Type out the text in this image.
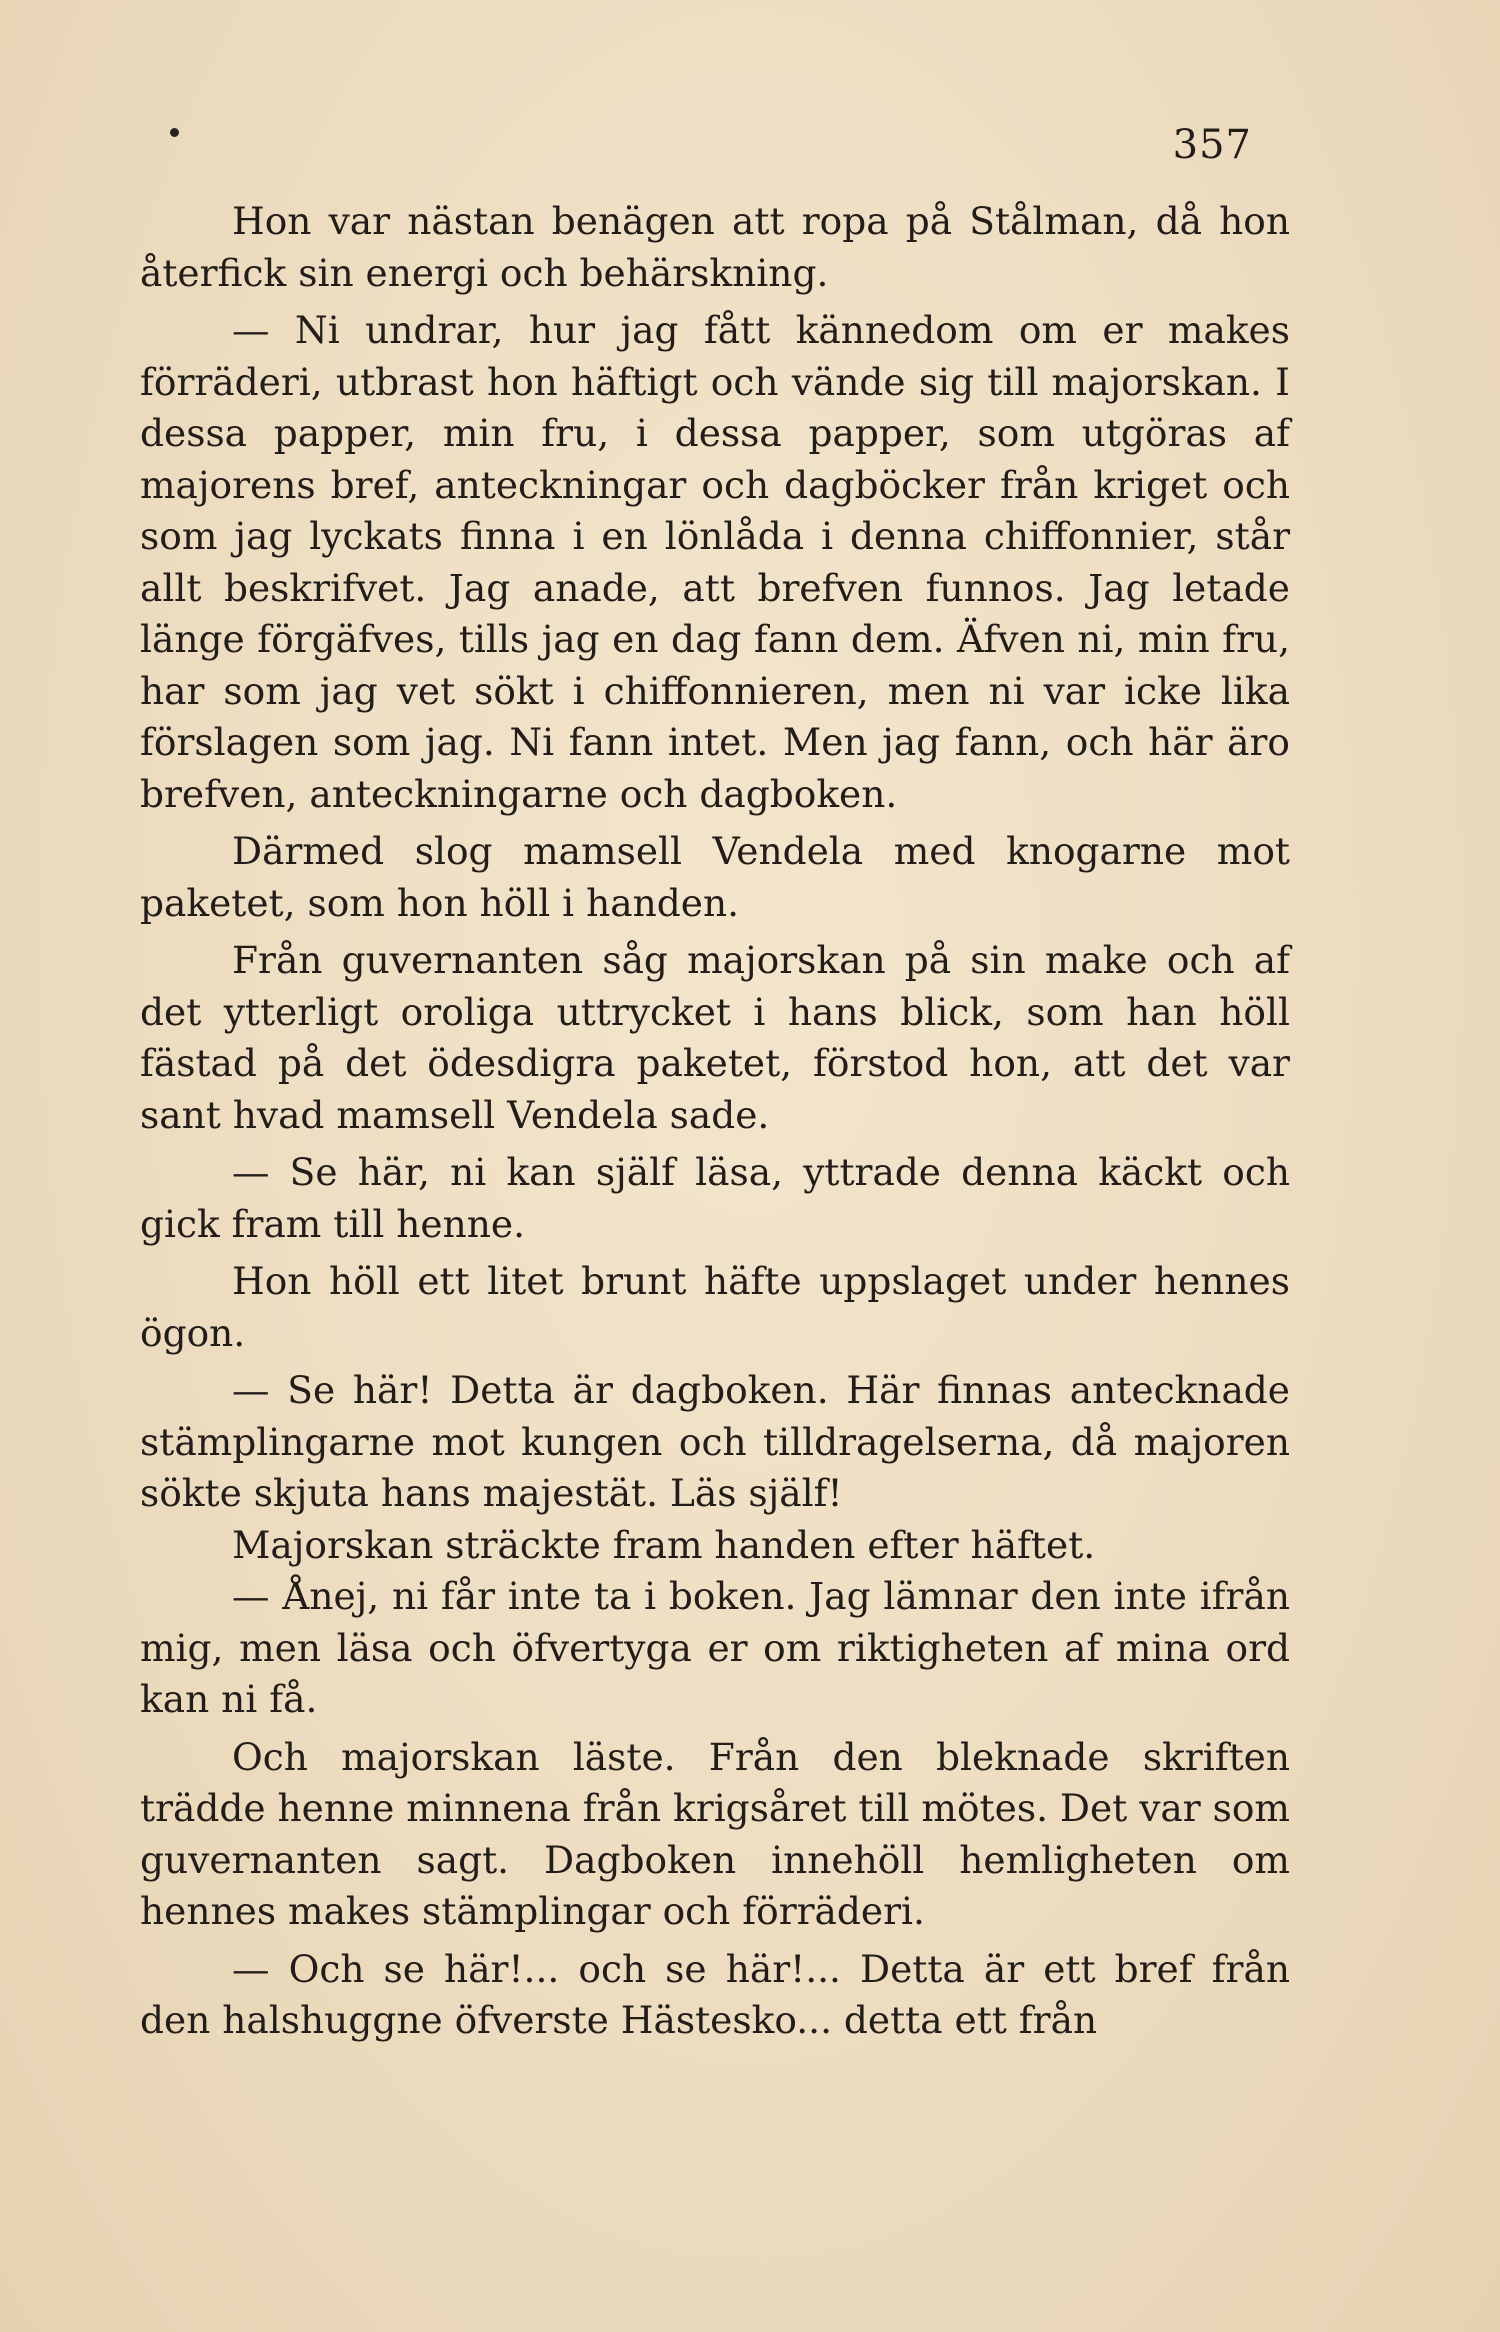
357

Hon var nästan benägen att ropa på Stålman, då hon återfick sin energi och behärskning.

— Ni undrar, hur jag fått kännedom om er makes förräderi, utbrast hon häftigt och vände sig till majorskan. I dessa papper, min fru, i dessa papper, som utgöras af majorens bref, anteckningar och dagböcker från kriget och som jag lyckats finna i en lönlåda i denna chiffonnier, står allt beskrifvet. Jag anade, att brefven funnos. Jag letade länge förgäfves, tills jag en dag fann dem. Äfven ni, min fru, har som jag vet sökt i chiffonnieren, men ni var icke lika förslagen som jag. Ni fann intet. Men jag fann, och här äro brefven, anteckningarne och dagboken.

Därmed slog mamsell Vendela med knogarne mot paketet, som hon höll i handen.

Från guvernanten såg majorskan på sin make och af det ytterligt oroliga uttrycket i hans blick, som han höll fästad på det ödesdigra paketet, förstod hon, att det var sant hvad mamsell Vendela sade.

— Se här, ni kan själf läsa, yttrade denna käckt och gick fram till henne.

Hon höll ett litet brunt häfte uppslaget under hennes ögon.

— Se här! Detta är dagboken. Här finnas antecknade stämplingarne mot kungen och tilldragelserna, då majoren sökte skjuta hans majestät. Läs själf!

Majorskan sträckte fram handen efter häftet.

— Ånej, ni får inte ta i boken. Jag lämnar den inte ifrån mig, men läsa och öfvertyga er om riktigheten af mina ord kan ni få.

Och majorskan läste. Från den bleknade skriften trädde henne minnena från krigsåret till mötes. Det var som guvernanten sagt. Dagboken innehöll hemligheten om hennes makes stämplingar och förräderi.

— Och se här!... och se här!... Detta är ett bref från den halshuggne öfverste Hästesko... detta ett från
